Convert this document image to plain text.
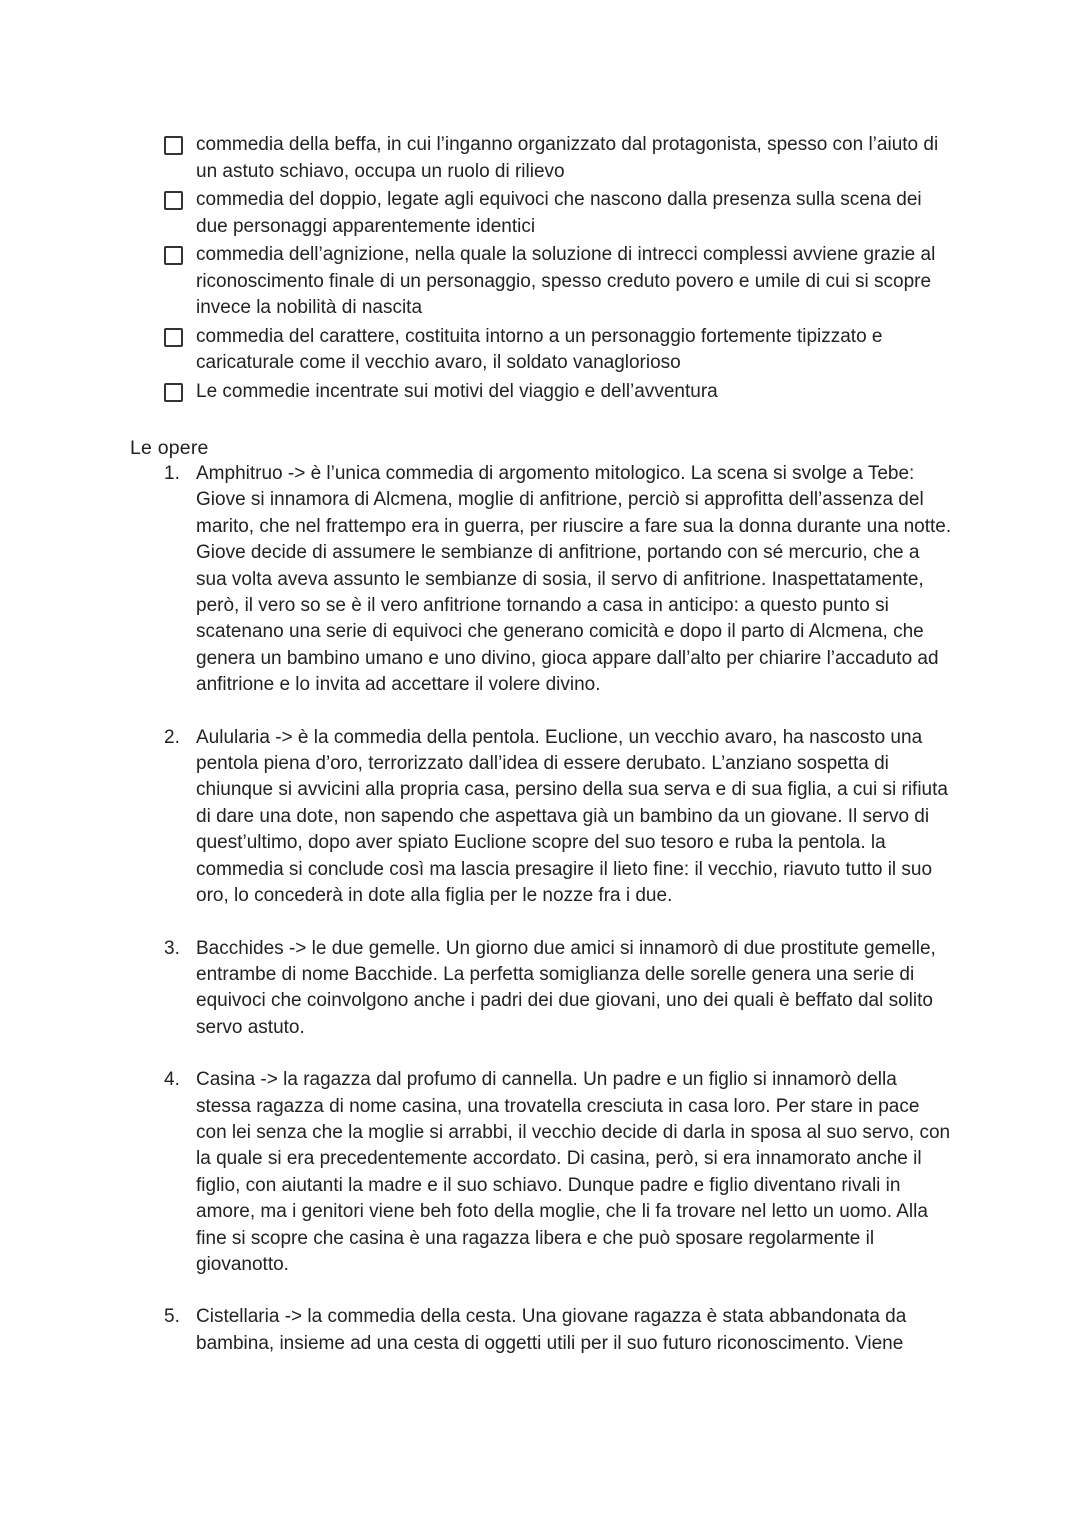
commedia della beffa, in cui l’inganno organizzato dal protagonista, spesso con l’aiuto di un astuto schiavo, occupa un ruolo di rilievo
commedia del doppio, legate agli equivoci che nascono dalla presenza sulla scena dei due personaggi apparentemente identici
commedia dell’agnizione, nella quale la soluzione di intrecci complessi avviene grazie al riconoscimento finale di un personaggio, spesso creduto povero e umile di cui si scopre invece la nobilità di nascita
commedia del carattere, costituita intorno a un personaggio fortemente tipizzato e caricaturale come il vecchio avaro, il soldato vanaglorioso
Le commedie incentrate sui motivi del viaggio e dell’avventura
Le opere
1. Amphitruo -> è l’unica commedia di argomento mitologico. La scena si svolge a Tebe: Giove si innamora di Alcmena, moglie di anfitrione, perciò si approfitta dell’assenza del marito, che nel frattempo era in guerra, per riuscire a fare sua la donna durante una notte. Giove decide di assumere le sembianze di anfitrione, portando con sé mercurio, che a sua volta aveva assunto le sembianze di sosia, il servo di anfitrione. Inaspettatamente, però, il vero so se è il vero anfitrione tornando a casa in anticipo: a questo punto si scatenano una serie di equivoci che generano comicità e dopo il parto di Alcmena, che genera un bambino umano e uno divino, gioca appare dall’alto per chiarire l’accaduto ad anfitrione e lo invita ad accettare il volere divino.
2. Aulularia -> è la commedia della pentola. Euclione, un vecchio avaro, ha nascosto una pentola piena d’oro, terrorizzato dall’idea di essere derubato. L’anziano sospetta di chiunque si avvicini alla propria casa, persino della sua serva e di sua figlia, a cui si rifiuta di dare una dote, non sapendo che aspettava già un bambino da un giovane. Il servo di quest’ultimo, dopo aver spiato Euclione scopre del suo tesoro e ruba la pentola. la commedia si conclude così ma lascia presagire il lieto fine: il vecchio, riavuto tutto il suo oro, lo concederà in dote alla figlia per le nozze fra i due.
3. Bacchides -> le due gemelle. Un giorno due amici si innamorò di due prostitute gemelle, entrambe di nome Bacchide. La perfetta somiglianza delle sorelle genera una serie di equivoci che coinvolgono anche i padri dei due giovani, uno dei quali è beffato dal solito servo astuto.
4. Casina -> la ragazza dal profumo di cannella. Un padre e un figlio si innamorò della stessa ragazza di nome casina, una trovatella cresciuta in casa loro. Per stare in pace con lei senza che la moglie si arrabbi, il vecchio decide di darla in sposa al suo servo, con la quale si era precedentemente accordato. Di casina, però, si era innamorato anche il figlio, con aiutanti la madre e il suo schiavo. Dunque padre e figlio diventano rivali in amore, ma i genitori viene beh foto della moglie, che li fa trovare nel letto un uomo. Alla fine si scopre che casina è una ragazza libera e che può sposare regolarmente il giovanotto.
5. Cistellaria -> la commedia della cesta. Una giovane ragazza è stata abbandonata da bambina, insieme ad una cesta di oggetti utili per il suo futuro riconoscimento. Viene
